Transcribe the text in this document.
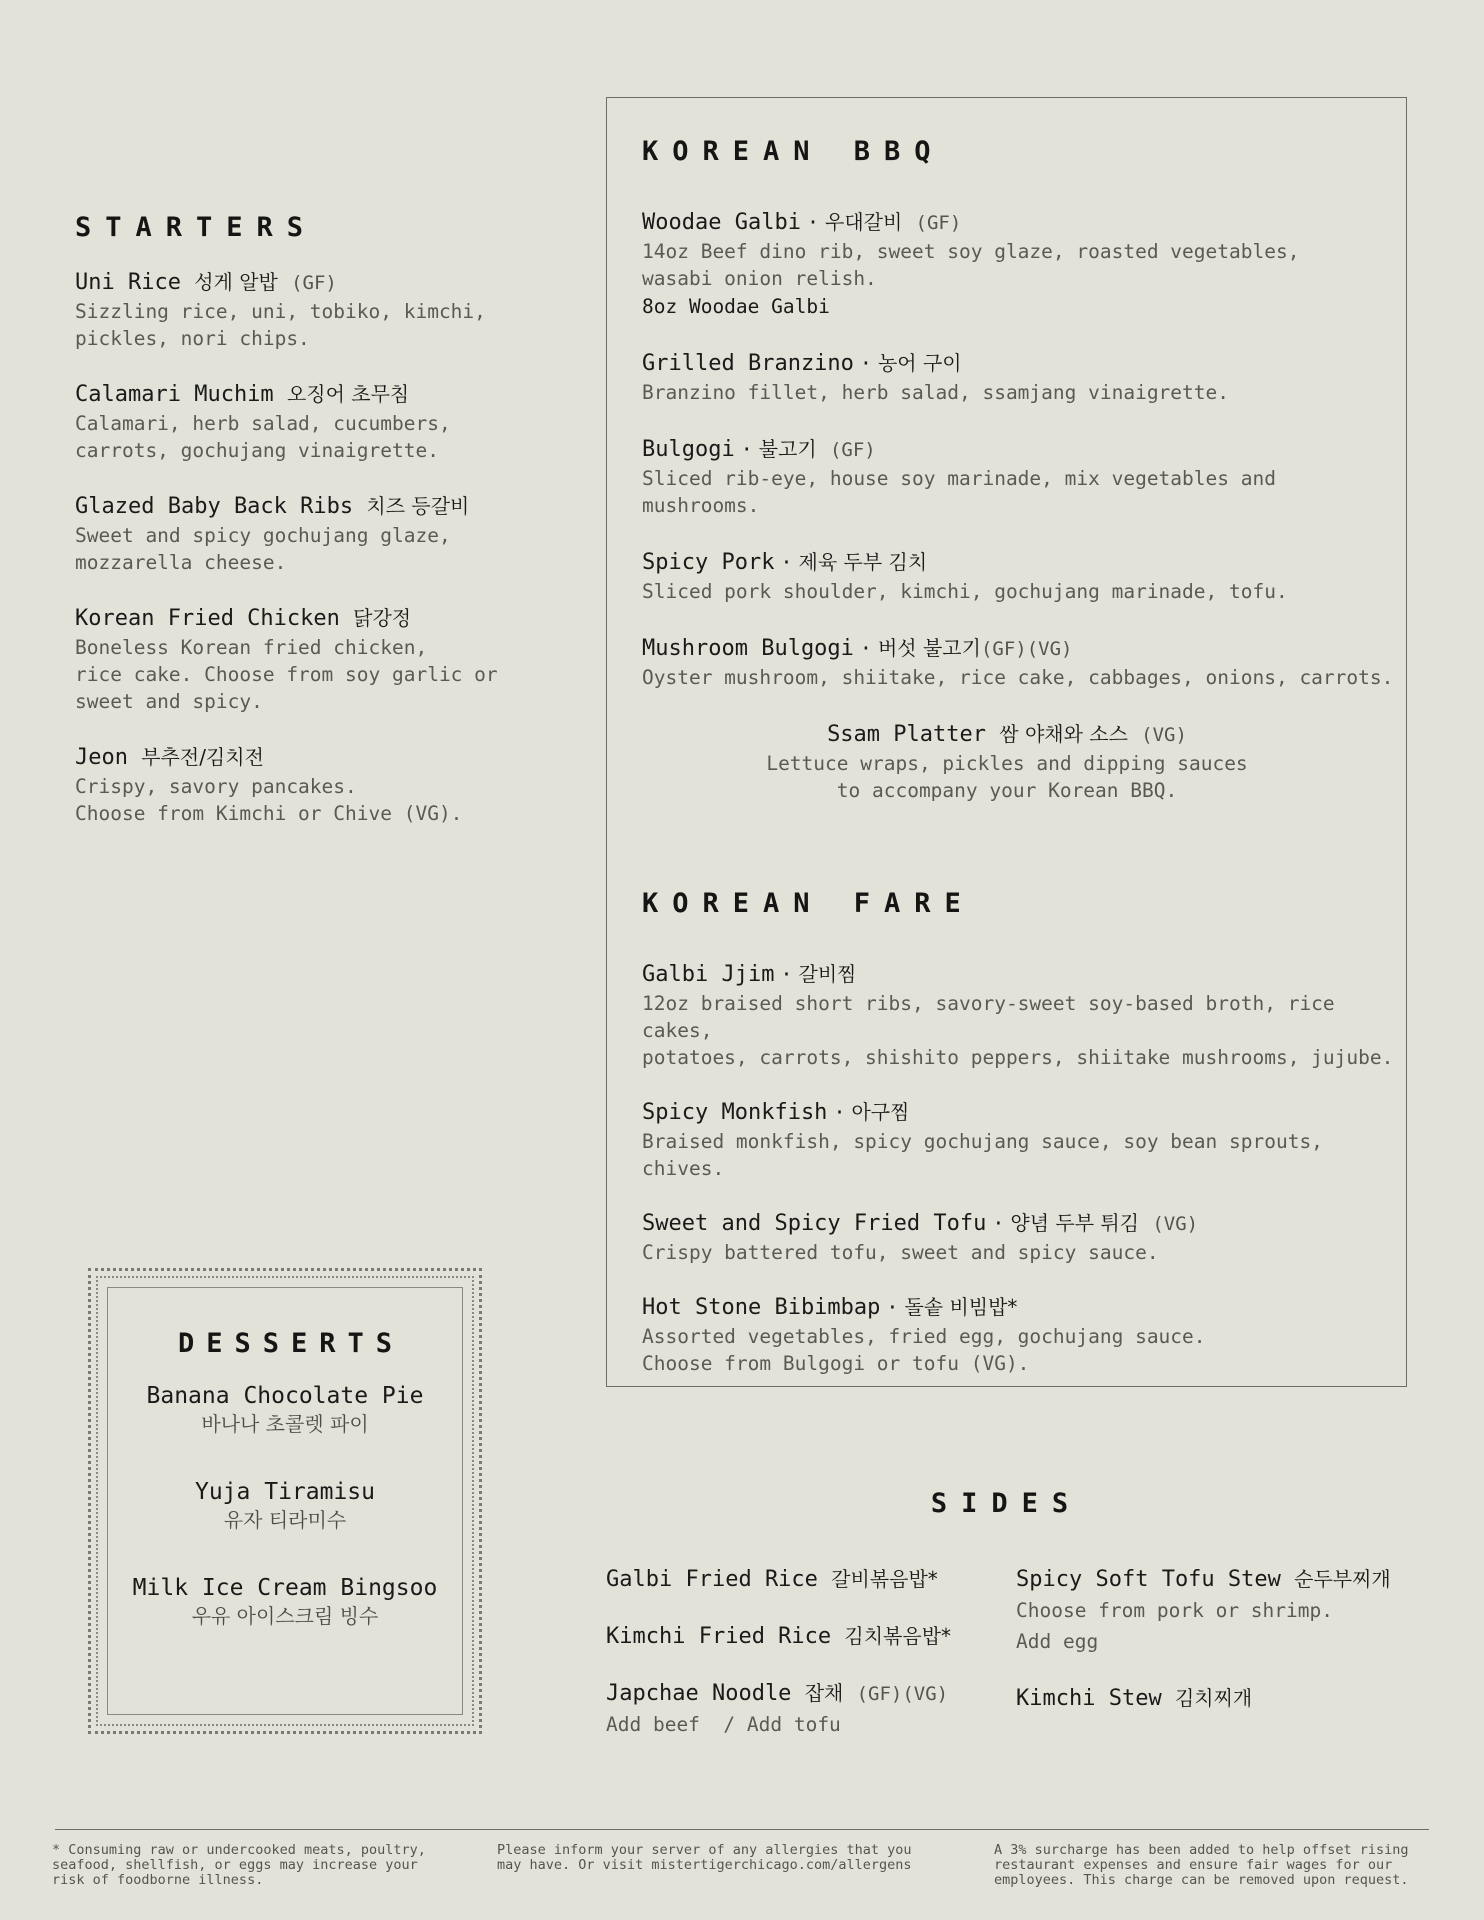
STARTERS
Uni Rice 성게 알밥 (GF)
Sizzling rice, uni, tobiko, kimchi,
pickles, nori chips.
Calamari Muchim 오징어 초무침
Calamari, herb salad, cucumbers,
carrots, gochujang vinaigrette.
Glazed Baby Back Ribs 치즈 등갈비
Sweet and spicy gochujang glaze,
mozzarella cheese.
Korean Fried Chicken 닭강정
Boneless Korean fried chicken,
rice cake. Choose from soy garlic or
sweet and spicy.
Jeon 부추전/김치전
Crispy, savory pancakes.
Choose from Kimchi or Chive (VG).
KOREAN BBQ
Woodae Galbi · 우대갈비 (GF)
14oz Beef dino rib, sweet soy glaze, roasted vegetables,
wasabi onion relish.
8oz Woodae Galbi
Grilled Branzino · 농어 구이
Branzino fillet, herb salad, ssamjang vinaigrette.
Bulgogi · 불고기 (GF)
Sliced rib-eye, house soy marinade, mix vegetables and mushrooms.
Spicy Pork · 제육 두부 김치
Sliced pork shoulder, kimchi, gochujang marinade, tofu.
Mushroom Bulgogi · 버섯 불고기(GF)(VG)
Oyster mushroom, shiitake, rice cake, cabbages, onions, carrots.
Ssam Platter 쌈 야채와 소스 (VG)
Lettuce wraps, pickles and dipping sauces
to accompany your Korean BBQ.
KOREAN FARE
Galbi Jjim · 갈비찜
12oz braised short ribs, savory-sweet soy-based broth, rice cakes,
potatoes, carrots, shishito peppers, shiitake mushrooms, jujube.
Spicy Monkfish · 아구찜
Braised monkfish, spicy gochujang sauce, soy bean sprouts, chives.
Sweet and Spicy Fried Tofu · 양념 두부 튀김 (VG)
Crispy battered tofu, sweet and spicy sauce.
Hot Stone Bibimbap · 돌솥 비빔밥*
Assorted vegetables, fried egg, gochujang sauce.
Choose from Bulgogi or tofu (VG).
DESSERTS
Banana Chocolate Pie
바나나 초콜렛 파이
Yuja Tiramisu
유자 티라미수
Milk Ice Cream Bingsoo
우유 아이스크림 빙수
SIDES
Galbi Fried Rice 갈비볶음밥*
Kimchi Fried Rice 김치볶음밥*
Japchae Noodle 잡채 (GF)(VG)
Add beef  / Add tofu
Spicy Soft Tofu Stew 순두부찌개
Choose from pork or shrimp.
Add egg
Kimchi Stew 김치찌개
* Consuming raw or undercooked meats, poultry,
seafood, shellfish, or eggs may increase your
risk of foodborne illness.
Please inform your server of any allergies that you
may have. Or visit mistertigerchicago.com/allergens
A 3% surcharge has been added to help offset rising
restaurant expenses and ensure fair wages for our
employees. This charge can be removed upon request.
